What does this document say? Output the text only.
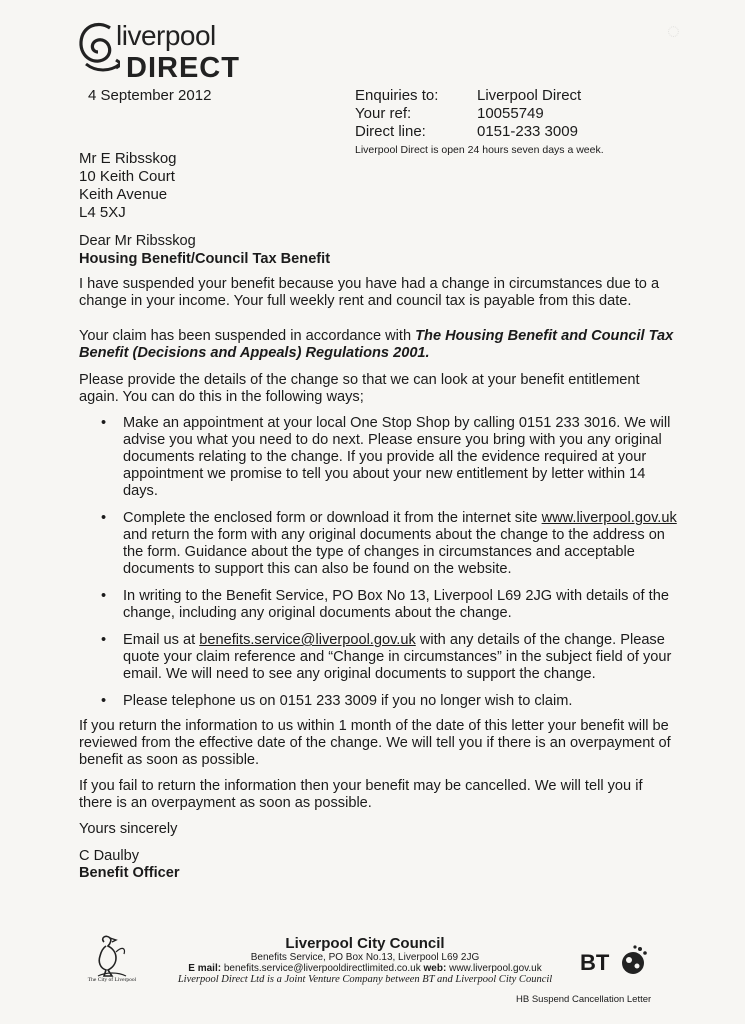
◌
liverpool
DIRECT
4 September 2012	Enquiries to:	Liverpool Direct
Your ref:	10055749
Direct line:	0151-233 3009
Liverpool Direct is open 24 hours seven days a week.
Mr E Ribsskog
10 Keith Court
Keith Avenue
L4 5XJ

Dear Mr Ribsskog

Housing Benefit/Council Tax Benefit

I have suspended your benefit because you have had a change in circumstances due to a change in your income. Your full weekly rent and council tax is payable from this date.

Your claim has been suspended in accordance with The Housing Benefit and Council Tax Benefit (Decisions and Appeals) Regulations 2001.

Please provide the details of the change so that we can look at your benefit entitlement again. You can do this in the following ways;

• Make an appointment at your local One Stop Shop by calling 0151 233 3016. We will advise you what you need to do next. Please ensure you bring with you any original documents relating to the change. If you provide all the evidence required at your appointment we promise to tell you about your new entitlement by letter within 14 days.
• Complete the enclosed form or download it from the internet site www.liverpool.gov.uk and return the form with any original documents about the change to the address on the form. Guidance about the type of changes in circumstances and acceptable documents to support this can also be found on the website.
• In writing to the Benefit Service, PO Box No 13, Liverpool L69 2JG with details of the change, including any original documents about the change.
• Email us at benefits.service@liverpool.gov.uk with any details of the change. Please quote your claim reference and “Change in circumstances” in the subject field of your email. We will need to see any original documents to support the change.
• Please telephone us on 0151 233 3009 if you no longer wish to claim.

If you return the information to us within 1 month of the date of this letter your benefit will be reviewed from the effective date of the change. We will tell you if there is an overpayment of benefit as soon as possible.

If you fail to return the information then your benefit may be cancelled. We will tell you if there is an overpayment as soon as possible.

Yours sincerely

C Daulby

Benefit Officer

The City of Liverpool
Liverpool City Council
Benefits Service, PO Box No.13, Liverpool L69 2JG
E mail: benefits.service@liverpooldirectlimited.co.uk web: www.liverpool.gov.uk
Liverpool Direct Ltd is a Joint Venture Company between BT and Liverpool City Council
BT
HB Suspend Cancellation Letter
